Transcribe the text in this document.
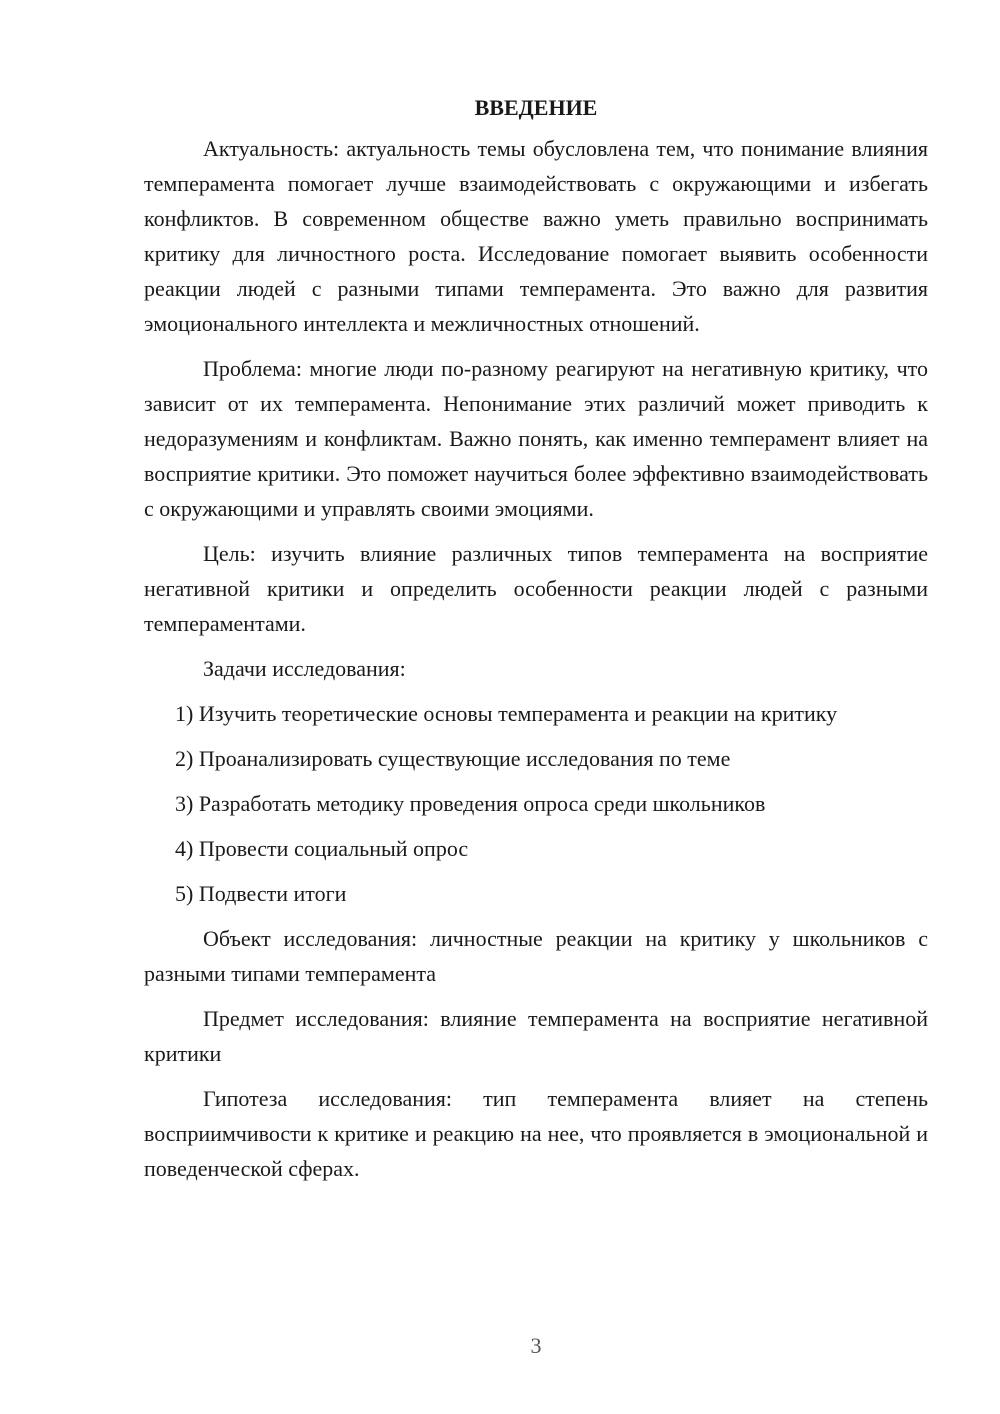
ВВЕДЕНИЕ

Актуальность: актуальность темы обусловлена тем, что понимание влияния темперамента помогает лучше взаимодействовать с окружающими и избегать конфликтов. В современном обществе важно уметь правильно воспринимать критику для личностного роста. Исследование помогает выявить особенности реакции людей с разными типами темперамента. Это важно для развития эмоционального интеллекта и межличностных отношений.

Проблема: многие люди по-разному реагируют на негативную критику, что зависит от их темперамента. Непонимание этих различий может приводить к недоразумениям и конфликтам. Важно понять, как именно темперамент влияет на восприятие критики. Это поможет научиться более эффективно взаимодействовать с окружающими и управлять своими эмоциями.

Цель: изучить влияние различных типов темперамента на восприятие негативной критики и определить особенности реакции людей с разными темпераментами.

Задачи исследования:

1) Изучить теоретические основы темперамента и реакции на критику
2) Проанализировать существующие исследования по теме
3) Разработать методику проведения опроса среди школьников
4) Провести социальный опрос
5) Подвести итоги

Объект исследования: личностные реакции на критику у школьников с разными типами темперамента

Предмет исследования: влияние темперамента на восприятие негативной критики

Гипотеза исследования: тип темперамента влияет на степень восприимчивости к критике и реакцию на нее, что проявляется в эмоциональной и поведенческой сферах.

3
